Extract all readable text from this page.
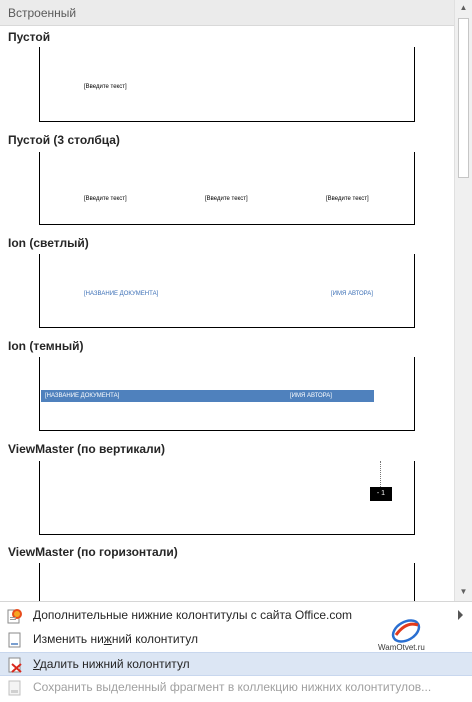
Встроенный
Пустой
[Введите текст]
Пустой (3 столбца)
[Введите текст]	[Введите текст]	[Введите текст]
Ion (светлый)
[НАЗВАНИЕ ДОКУМЕНТА]	[ИМЯ АВТОРА]
Ion (темный)
[НАЗВАНИЕ ДОКУМЕНТА]	[ИМЯ АВТОРА]
ViewMaster (по вертикали)
- 1
ViewMaster (по горизонтали)
▲
▼
Дополнительные нижние колонтитулы с сайта Office.com
Изменить нижний колонтитул
Удалить нижний колонтитул
Сохранить выделенный фрагмент в коллекцию нижних колонтитулов...
WamOtvet.ru
